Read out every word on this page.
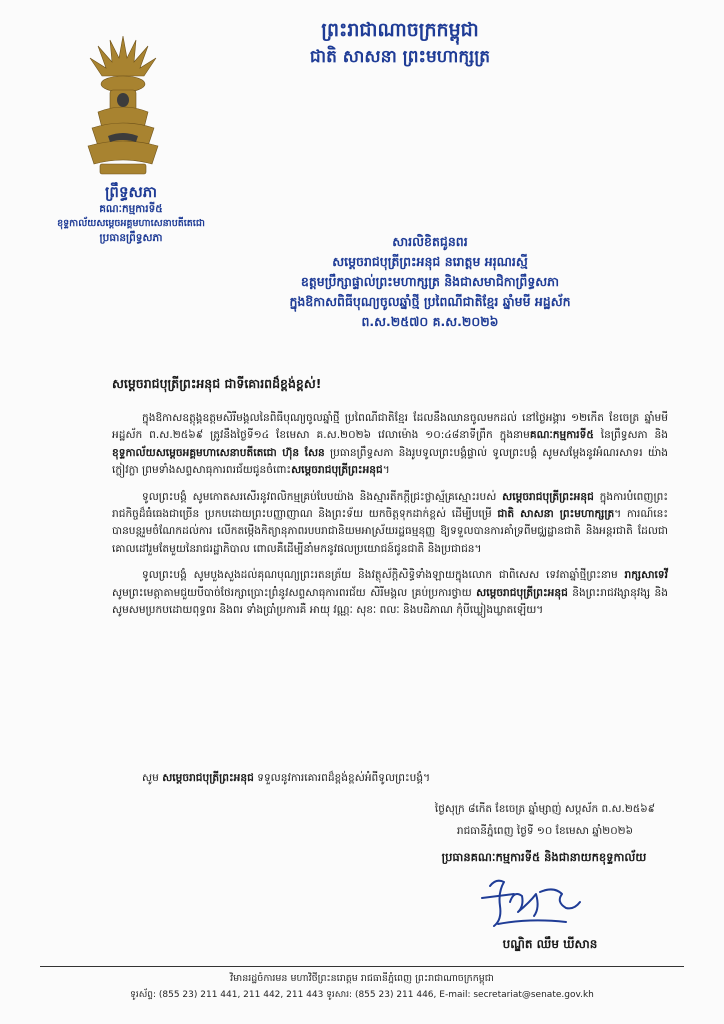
ព្រះរាជាណាចក្រកម្ពុជា
ជាតិ សាសនា ព្រះមហាក្សត្រ
ព្រឹទ្ធសភា
គណៈកម្មការទី៥
ខុទ្ទកាល័យសម្តេចអគ្គមហាសេនាបតីតេជោ
ប្រធានព្រឹទ្ធសភា	សារលិខិតជូនពរ
សម្តេចរាជបុត្រីព្រះអនុជ នរោត្តម អរុណរស្មី
ឧត្តមប្រឹក្សាផ្ទាល់ព្រះមហាក្សត្រ និងជាសមាជិកាព្រឹទ្ធសភា
ក្នុងឱកាសពិធីបុណ្យចូលឆ្នាំថ្មី ប្រពៃណីជាតិខ្មែរ ឆ្នាំមមី អដ្ឋស័ក
ព.ស.២៥៧០ គ.ស.២០២៦
សម្តេចរាជបុត្រីព្រះអនុជ ជាទីគោរពដ៏ខ្ពង់ខ្ពស់!

ក្នុងឱកាសឧត្តុង្គឧត្តមសិរីមង្គលនៃពិធីបុណ្យចូលឆ្នាំថ្មី ប្រពៃណីជាតិខ្មែរ ដែលនឹងឈានចូលមកដល់ នៅថ្ងៃអង្គារ ១២កើត ខែចេត្រ ឆ្នាំមមី អដ្ឋស័ក ព.ស.២៥៦៩ ត្រូវនឹងថ្ងៃទី១៤ ខែមេសា គ.ស.២០២៦ វេលាម៉ោង ១០:៤៨នាទីព្រឹក ក្នុងនាមគណៈកម្មការទី៥ នៃព្រឹទ្ធសភា និងខុទ្ទកាល័យសម្តេចអគ្គមហាសេនាបតីតេជោ ហ៊ុន សែន ប្រធានព្រឹទ្ធសភា និងរូបទូលព្រះបង្គំផ្ទាល់ ទូលព្រះបង្គំ សូមសម្តែងនូវអំណរសាទរ យ៉ាងក្លៀវក្លា ព្រមទាំងសព្ទសាធុការពរជ័យជូនចំពោះសម្តេចរាជបុត្រីព្រះអនុជ។

ទូលព្រះបង្គំ សូមកោតសរសើរនូវពលិកម្មគ្រប់បែបយ៉ាង និងស្មារតីកក្តីជ្រះថ្លាស្ម័គ្រស្មោះរបស់ សម្តេចរាជបុត្រីព្រះអនុជ ក្នុងការបំពេញព្រះរាជកិច្ចដ៏ធំធេងជាច្រើន ប្រកបដោយព្រះបញ្ញាញាណ និងព្រះទ័យ យកចិត្តទុកដាក់ខ្ពស់ ដើម្បីបម្រើ ជាតិ សាសនា ព្រះមហាក្សត្រ។ ការណ៍នេះ បានបន្តរួមចំណែកដល់ការ លើកតម្កើងកិត្យានុភាពរបបរាជានិយមអាស្រ័យរដ្ឋធម្មនុញ្ញ ឱ្យទទួលបានការគាំទ្រពីមជ្ឈដ្ឋានជាតិ និងអន្តរជាតិ ដែលជាគោលដៅរួមតែមួយនៃរាជរដ្ឋាភិបាល ពោលគឺដើម្បីនាំមកនូវផលប្រយោជន៍ជូនជាតិ និងប្រជាជន។

ទូលព្រះបង្គំ សូមបួងសួងដល់គុណបុណ្យព្រះរតនត្រ័យ និងវត្ថុស័ក្តិសិទ្ធិទាំងឡាយក្នុងលោក ជាពិសេស ទេវតាឆ្នាំថ្មីព្រះនាម រាក្សសាទេវី សូមព្រះមេត្តាតាមជួយបីបាច់ថែរក្សាប្រោះព្រំនូវសព្ទសាធុការពរជ័យ សិរីមង្គល គ្រប់ប្រការថ្វាយ សម្តេចរាជបុត្រីព្រះអនុជ និងព្រះរាជវង្សានុវង្ស និងសូមសមប្រកបដោយពុទ្ធពរ និងពរ ទាំងប្រាំប្រការគឺ អាយុ វណ្ណៈ សុខៈ ពលៈ និងបដិភាណ កុំបីឃ្លៀងឃ្លាតឡើយ។

សូម សម្តេចរាជបុត្រីព្រះអនុជ ទទួលនូវការគោរពដ៏ខ្ពង់ខ្ពស់អំពីទូលព្រះបង្គំ។
ថ្ងៃសុក្រ ៨កើត ខែចេត្រ ឆ្នាំម្សាញ់ សប្តស័ក ព.ស.២៥៦៩
រាជធានីភ្នំពេញ ថ្ងៃទី ១០ ខែមេសា ឆ្នាំ២០២៦
ប្រធានគណៈកម្មការទី៥ និងជានាយកខុទ្ទកាល័យ
បណ្ឌិត ឈឹម ឃីសាន
វិមានរដ្ឋចំការមន មហាវិថីព្រះនរោត្តម រាជធានីភ្នំពេញ ព្រះរាជាណាចក្រកម្ពុជា
ទូរស័ព្ទ: (855 23) 211 441, 211 442, 211 443 ទូរសារ: (855 23) 211 446, E-mail: secretariat@senate.gov.kh
